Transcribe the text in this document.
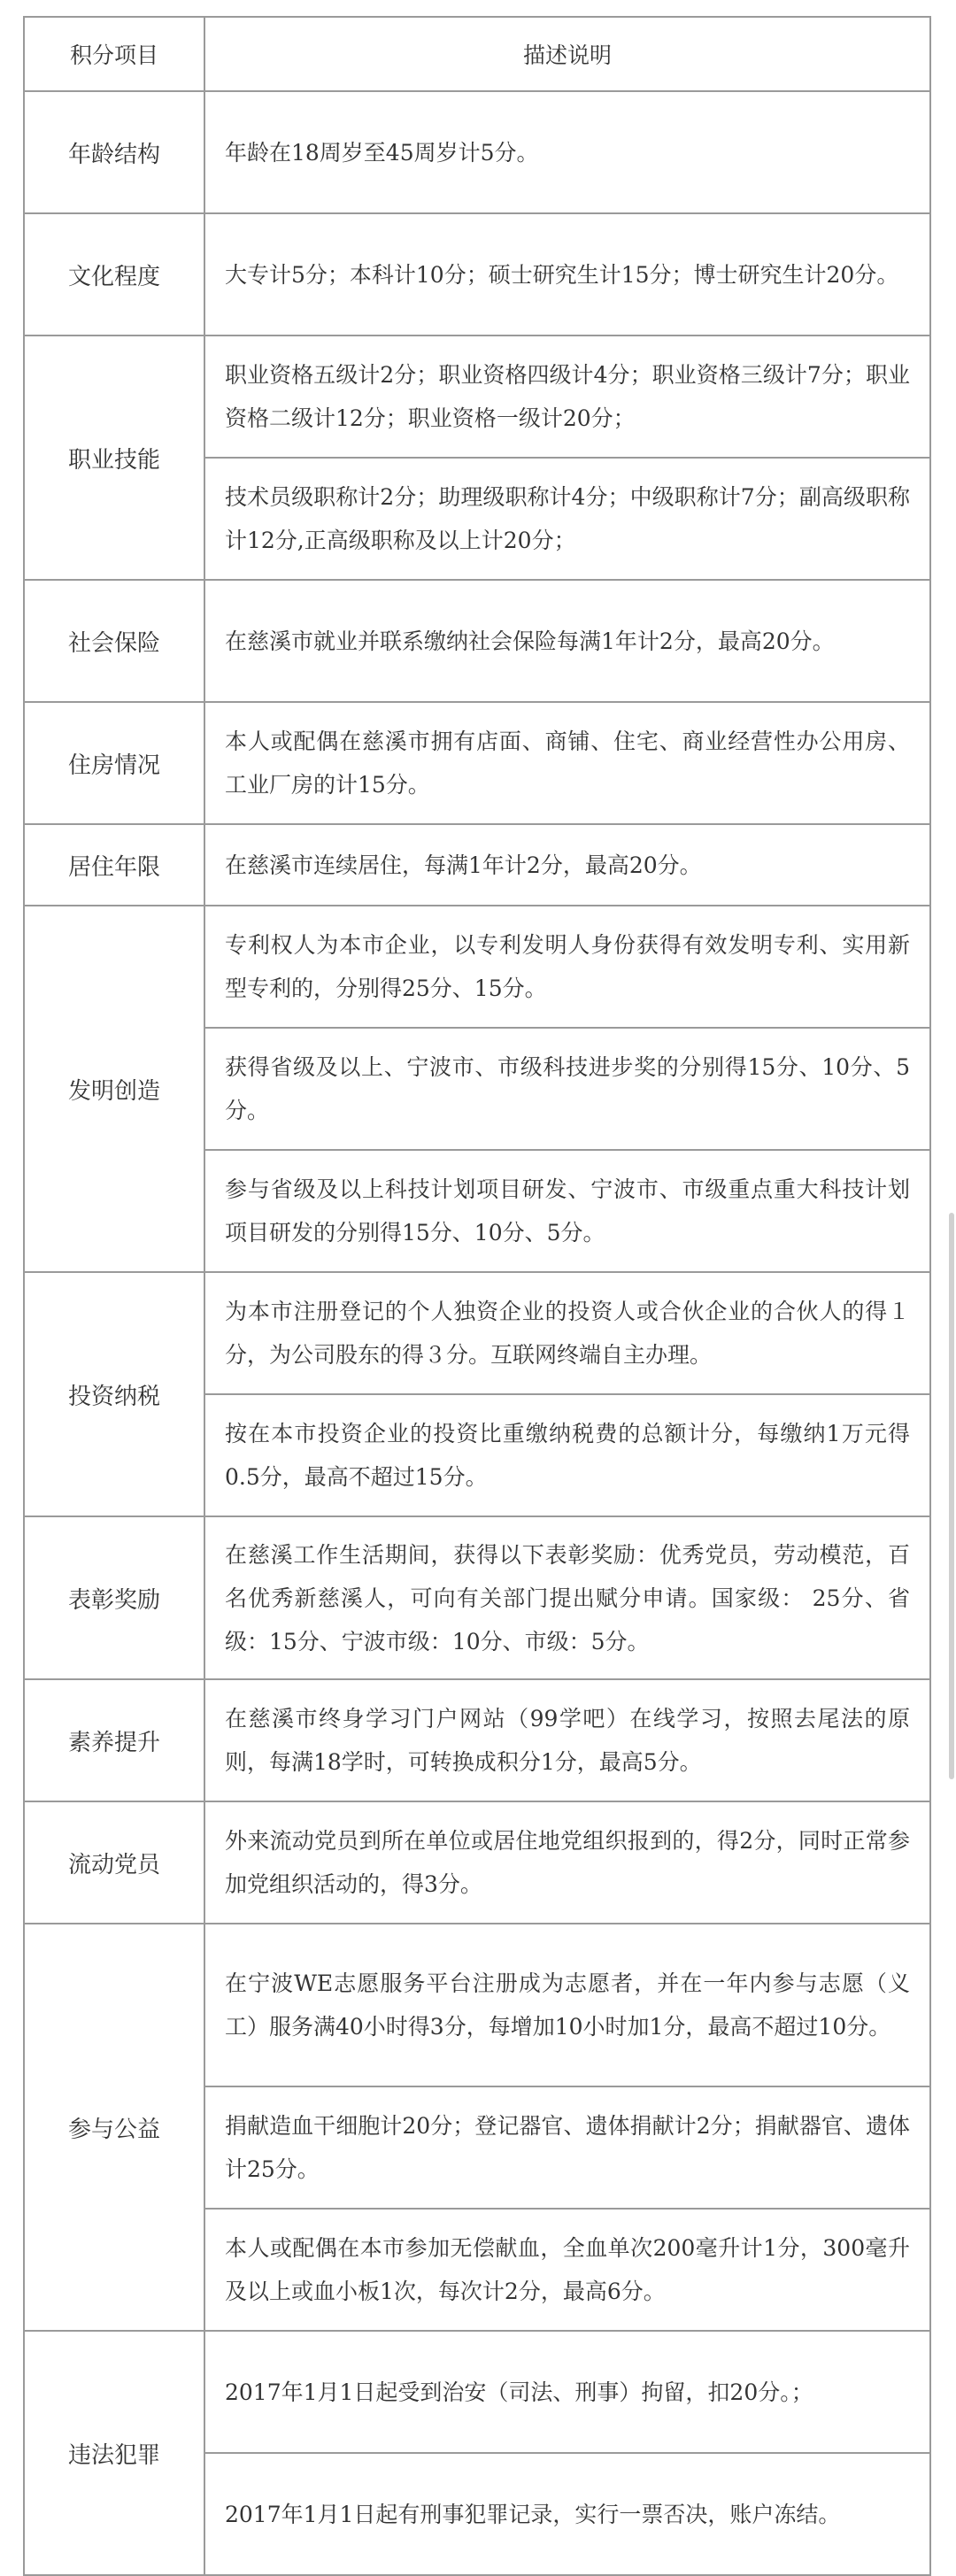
积分项目	描述说明
年龄结构	年龄在18周岁至45周岁计5分。
文化程度	大专计5分；本科计10分；硕士研究生计15分；博士研究生计20分。
职业技能	职业资格五级计2分；职业资格四级计4分；职业资格三级计7分；职业资格二级计12分；职业资格一级计20分；
	技术员级职称计2分；助理级职称计4分；中级职称计7分；副高级职称计12分,正高级职称及以上计20分；
社会保险	在慈溪市就业并联系缴纳社会保险每满1年计2分，最高20分。
住房情况	本人或配偶在慈溪市拥有店面、商铺、住宅、商业经营性办公用房、工业厂房的计15分。
居住年限	在慈溪市连续居住，每满1年计2分，最高20分。
发明创造	专利权人为本市企业，以专利发明人身份获得有效发明专利、实用新型专利的，分别得25分、15分。
	获得省级及以上、宁波市、市级科技进步奖的分别得15分、10分、5分。
	参与省级及以上科技计划项目研发、宁波市、市级重点重大科技计划项目研发的分别得15分、10分、5分。
投资纳税	为本市注册登记的个人独资企业的投资人或合伙企业的合伙人的得１分，为公司股东的得３分。互联网终端自主办理。
	按在本市投资企业的投资比重缴纳税费的总额计分，每缴纳1万元得0.5分，最高不超过15分。
表彰奖励	在慈溪工作生活期间，获得以下表彰奖励：优秀党员，劳动模范，百名优秀新慈溪人，可向有关部门提出赋分申请。国家级： 25分、省级：15分、宁波市级：10分、市级：5分。
素养提升	在慈溪市终身学习门户网站（99学吧）在线学习，按照去尾法的原则，每满18学时，可转换成积分1分，最高5分。
流动党员	外来流动党员到所在单位或居住地党组织报到的，得2分，同时正常参加党组织活动的，得3分。
参与公益	在宁波WE志愿服务平台注册成为志愿者，并在一年内参与志愿（义工）服务满40小时得3分，每增加10小时加1分，最高不超过10分。
	捐献造血干细胞计20分；登记器官、遗体捐献计2分；捐献器官、遗体计25分。
	本人或配偶在本市参加无偿献血，全血单次200毫升计1分，300毫升及以上或血小板1次，每次计2分，最高6分。
违法犯罪	2017年1月1日起受到治安（司法、刑事）拘留，扣20分。；
	2017年1月1日起有刑事犯罪记录，实行一票否决，账户冻结。
